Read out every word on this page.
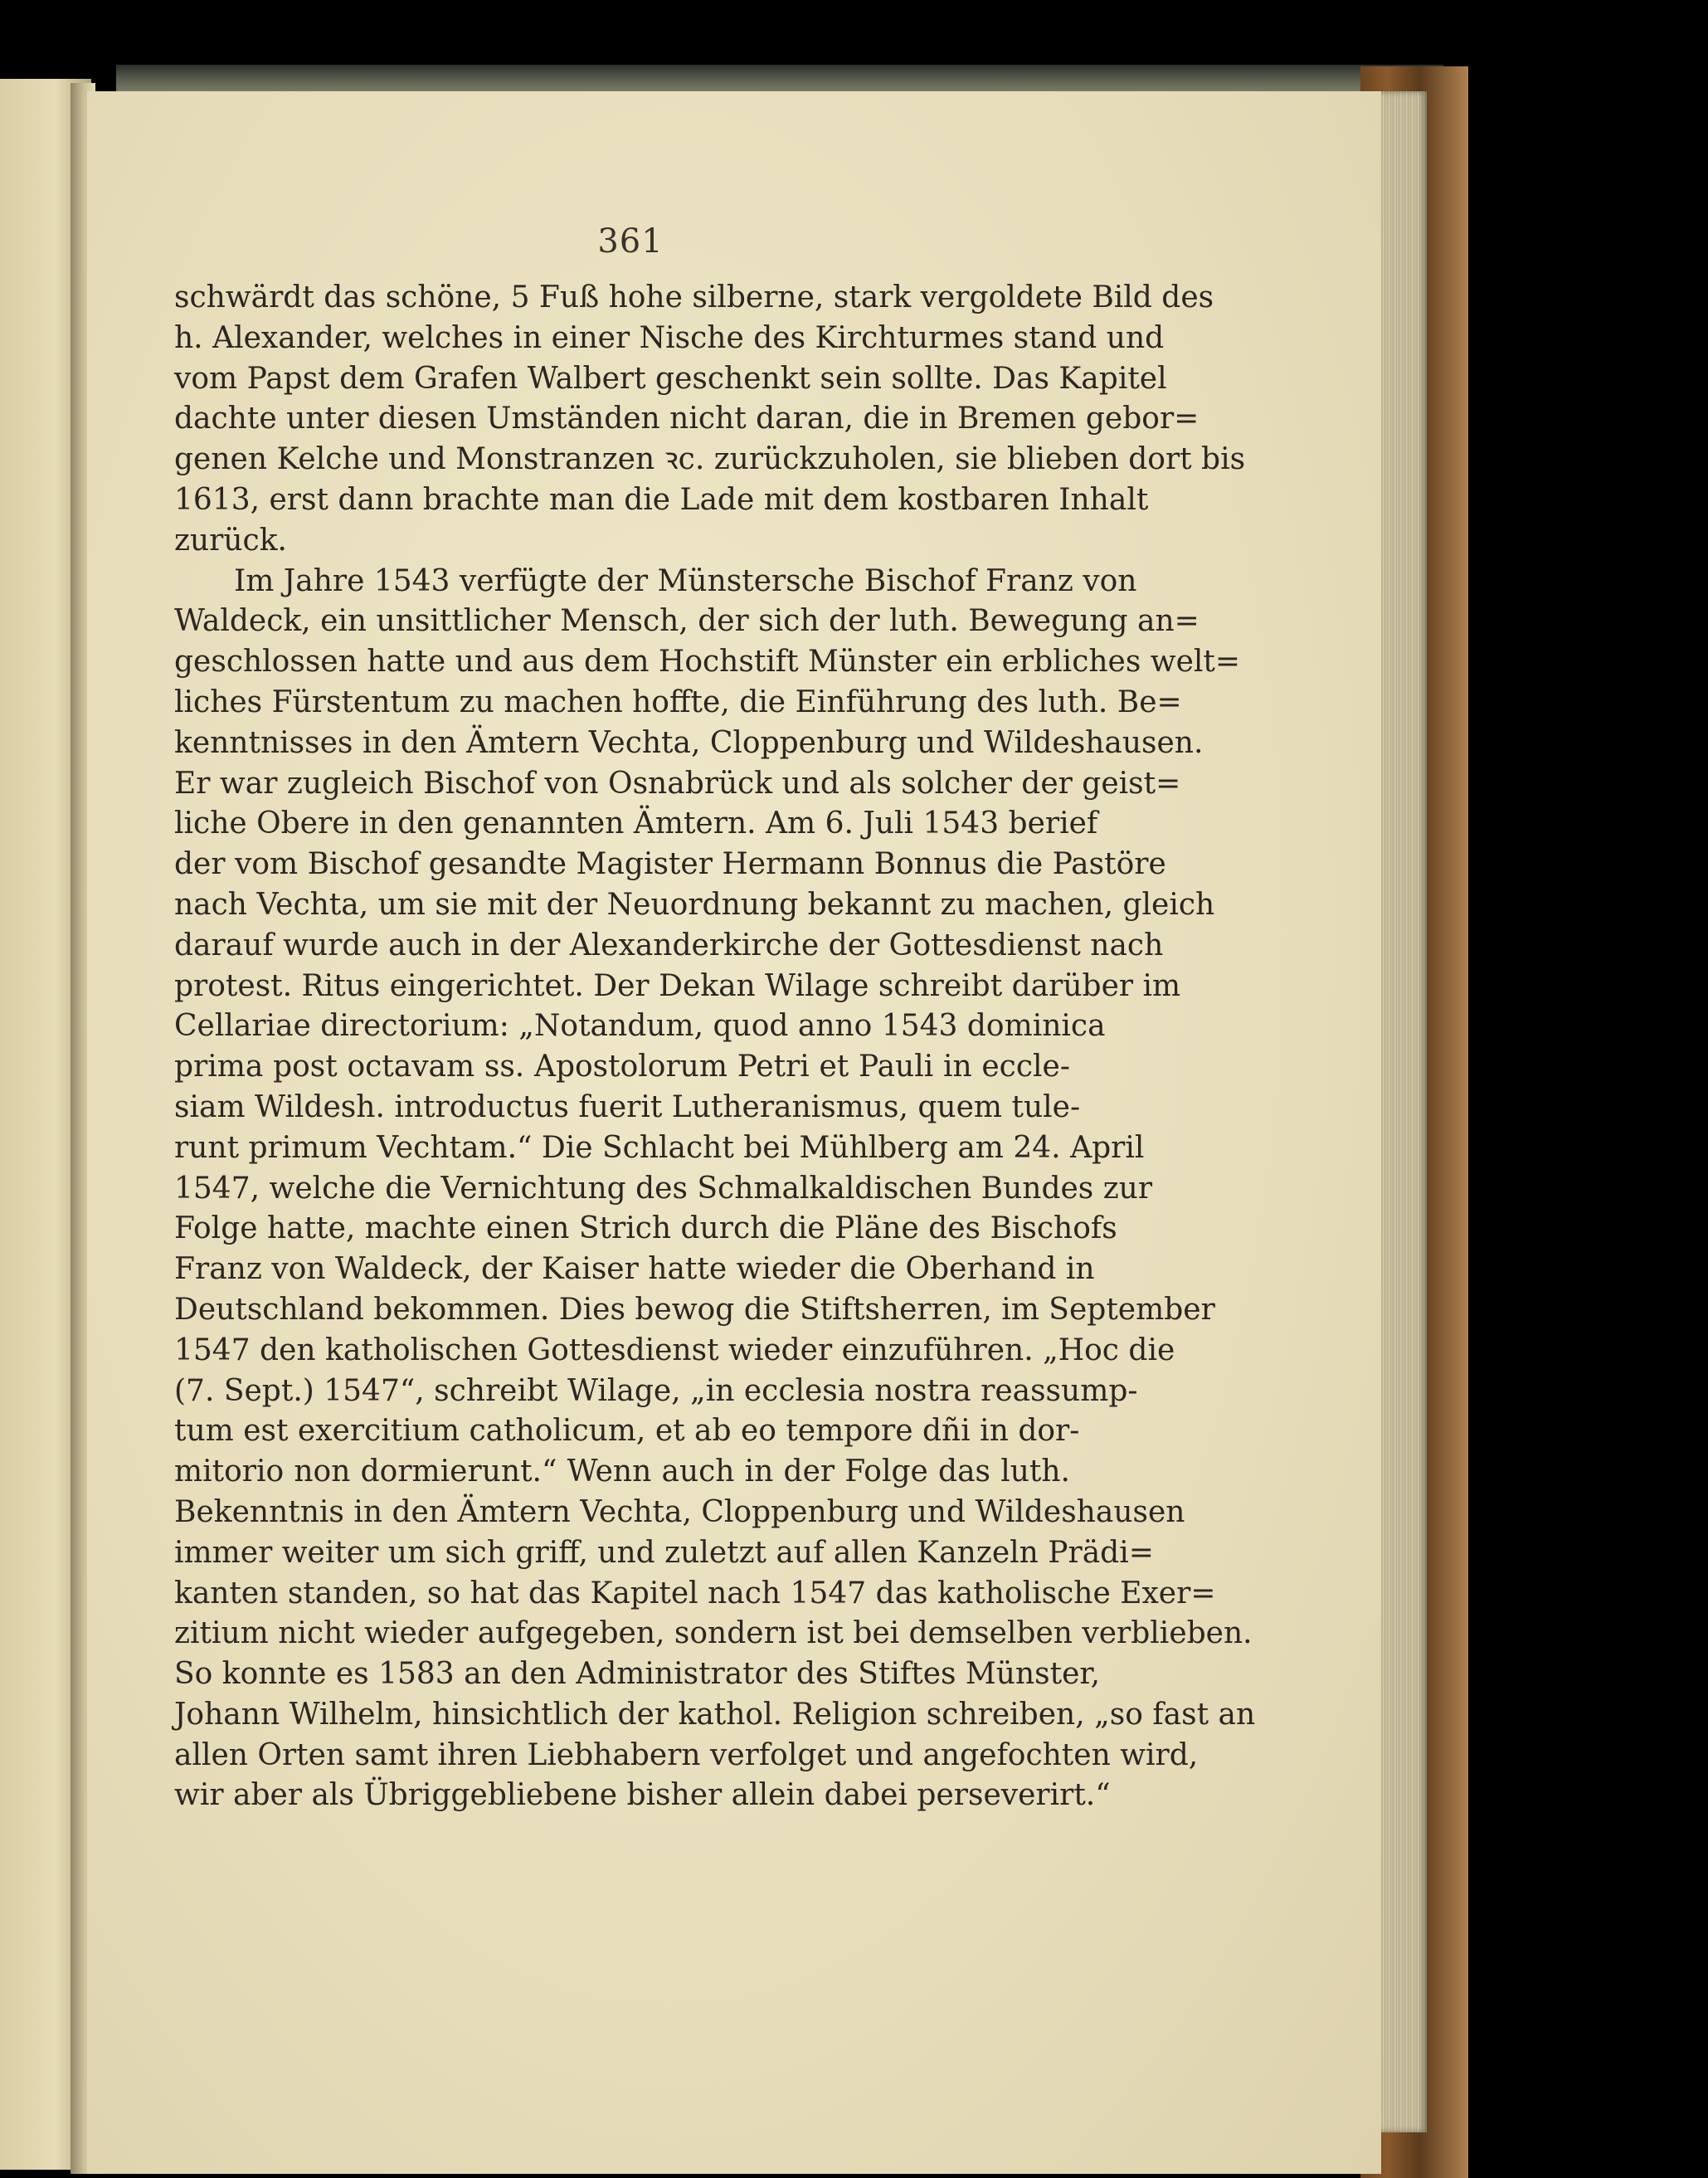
361
schwärdt das schöne, 5 Fuß hohe silberne, stark vergoldete Bild des
h. Alexander, welches in einer Nische des Kirchturmes stand und
vom Papst dem Grafen Walbert geschenkt sein sollte. Das Kapitel
dachte unter diesen Umständen nicht daran, die in Bremen gebor=
genen Kelche und Monstranzen ꝛc. zurückzuholen, sie blieben dort bis
1613, erst dann brachte man die Lade mit dem kostbaren Inhalt
zurück.
Im Jahre 1543 verfügte der Münstersche Bischof Franz von
Waldeck, ein unsittlicher Mensch, der sich der luth. Bewegung an=
geschlossen hatte und aus dem Hochstift Münster ein erbliches welt=
liches Fürstentum zu machen hoffte, die Einführung des luth. Be=
kenntnisses in den Ämtern Vechta, Cloppenburg und Wildeshausen.
Er war zugleich Bischof von Osnabrück und als solcher der geist=
liche Obere in den genannten Ämtern. Am 6. Juli 1543 berief
der vom Bischof gesandte Magister Hermann Bonnus die Pastöre
nach Vechta, um sie mit der Neuordnung bekannt zu machen, gleich
darauf wurde auch in der Alexanderkirche der Gottesdienst nach
protest. Ritus eingerichtet. Der Dekan Wilage schreibt darüber im
Cellariae directorium: „Notandum, quod anno 1543 dominica
prima post octavam ss. Apostolorum Petri et Pauli in eccle-
siam Wildesh. introductus fuerit Lutheranismus, quem tule-
runt primum Vechtam.“ Die Schlacht bei Mühlberg am 24. April
1547, welche die Vernichtung des Schmalkaldischen Bundes zur
Folge hatte, machte einen Strich durch die Pläne des Bischofs
Franz von Waldeck, der Kaiser hatte wieder die Oberhand in
Deutschland bekommen. Dies bewog die Stiftsherren, im September
1547 den katholischen Gottesdienst wieder einzuführen. „Hoc die
(7. Sept.) 1547“, schreibt Wilage, „in ecclesia nostra reassump-
tum est exercitium catholicum, et ab eo tempore dñi in dor-
mitorio non dormierunt.“ Wenn auch in der Folge das luth.
Bekenntnis in den Ämtern Vechta, Cloppenburg und Wildeshausen
immer weiter um sich griff, und zuletzt auf allen Kanzeln Prädi=
kanten standen, so hat das Kapitel nach 1547 das katholische Exer=
zitium nicht wieder aufgegeben, sondern ist bei demselben verblieben.
So konnte es 1583 an den Administrator des Stiftes Münster,
Johann Wilhelm, hinsichtlich der kathol. Religion schreiben, „so fast an
allen Orten samt ihren Liebhabern verfolget und angefochten wird,
wir aber als Übriggebliebene bisher allein dabei perseverirt.“
